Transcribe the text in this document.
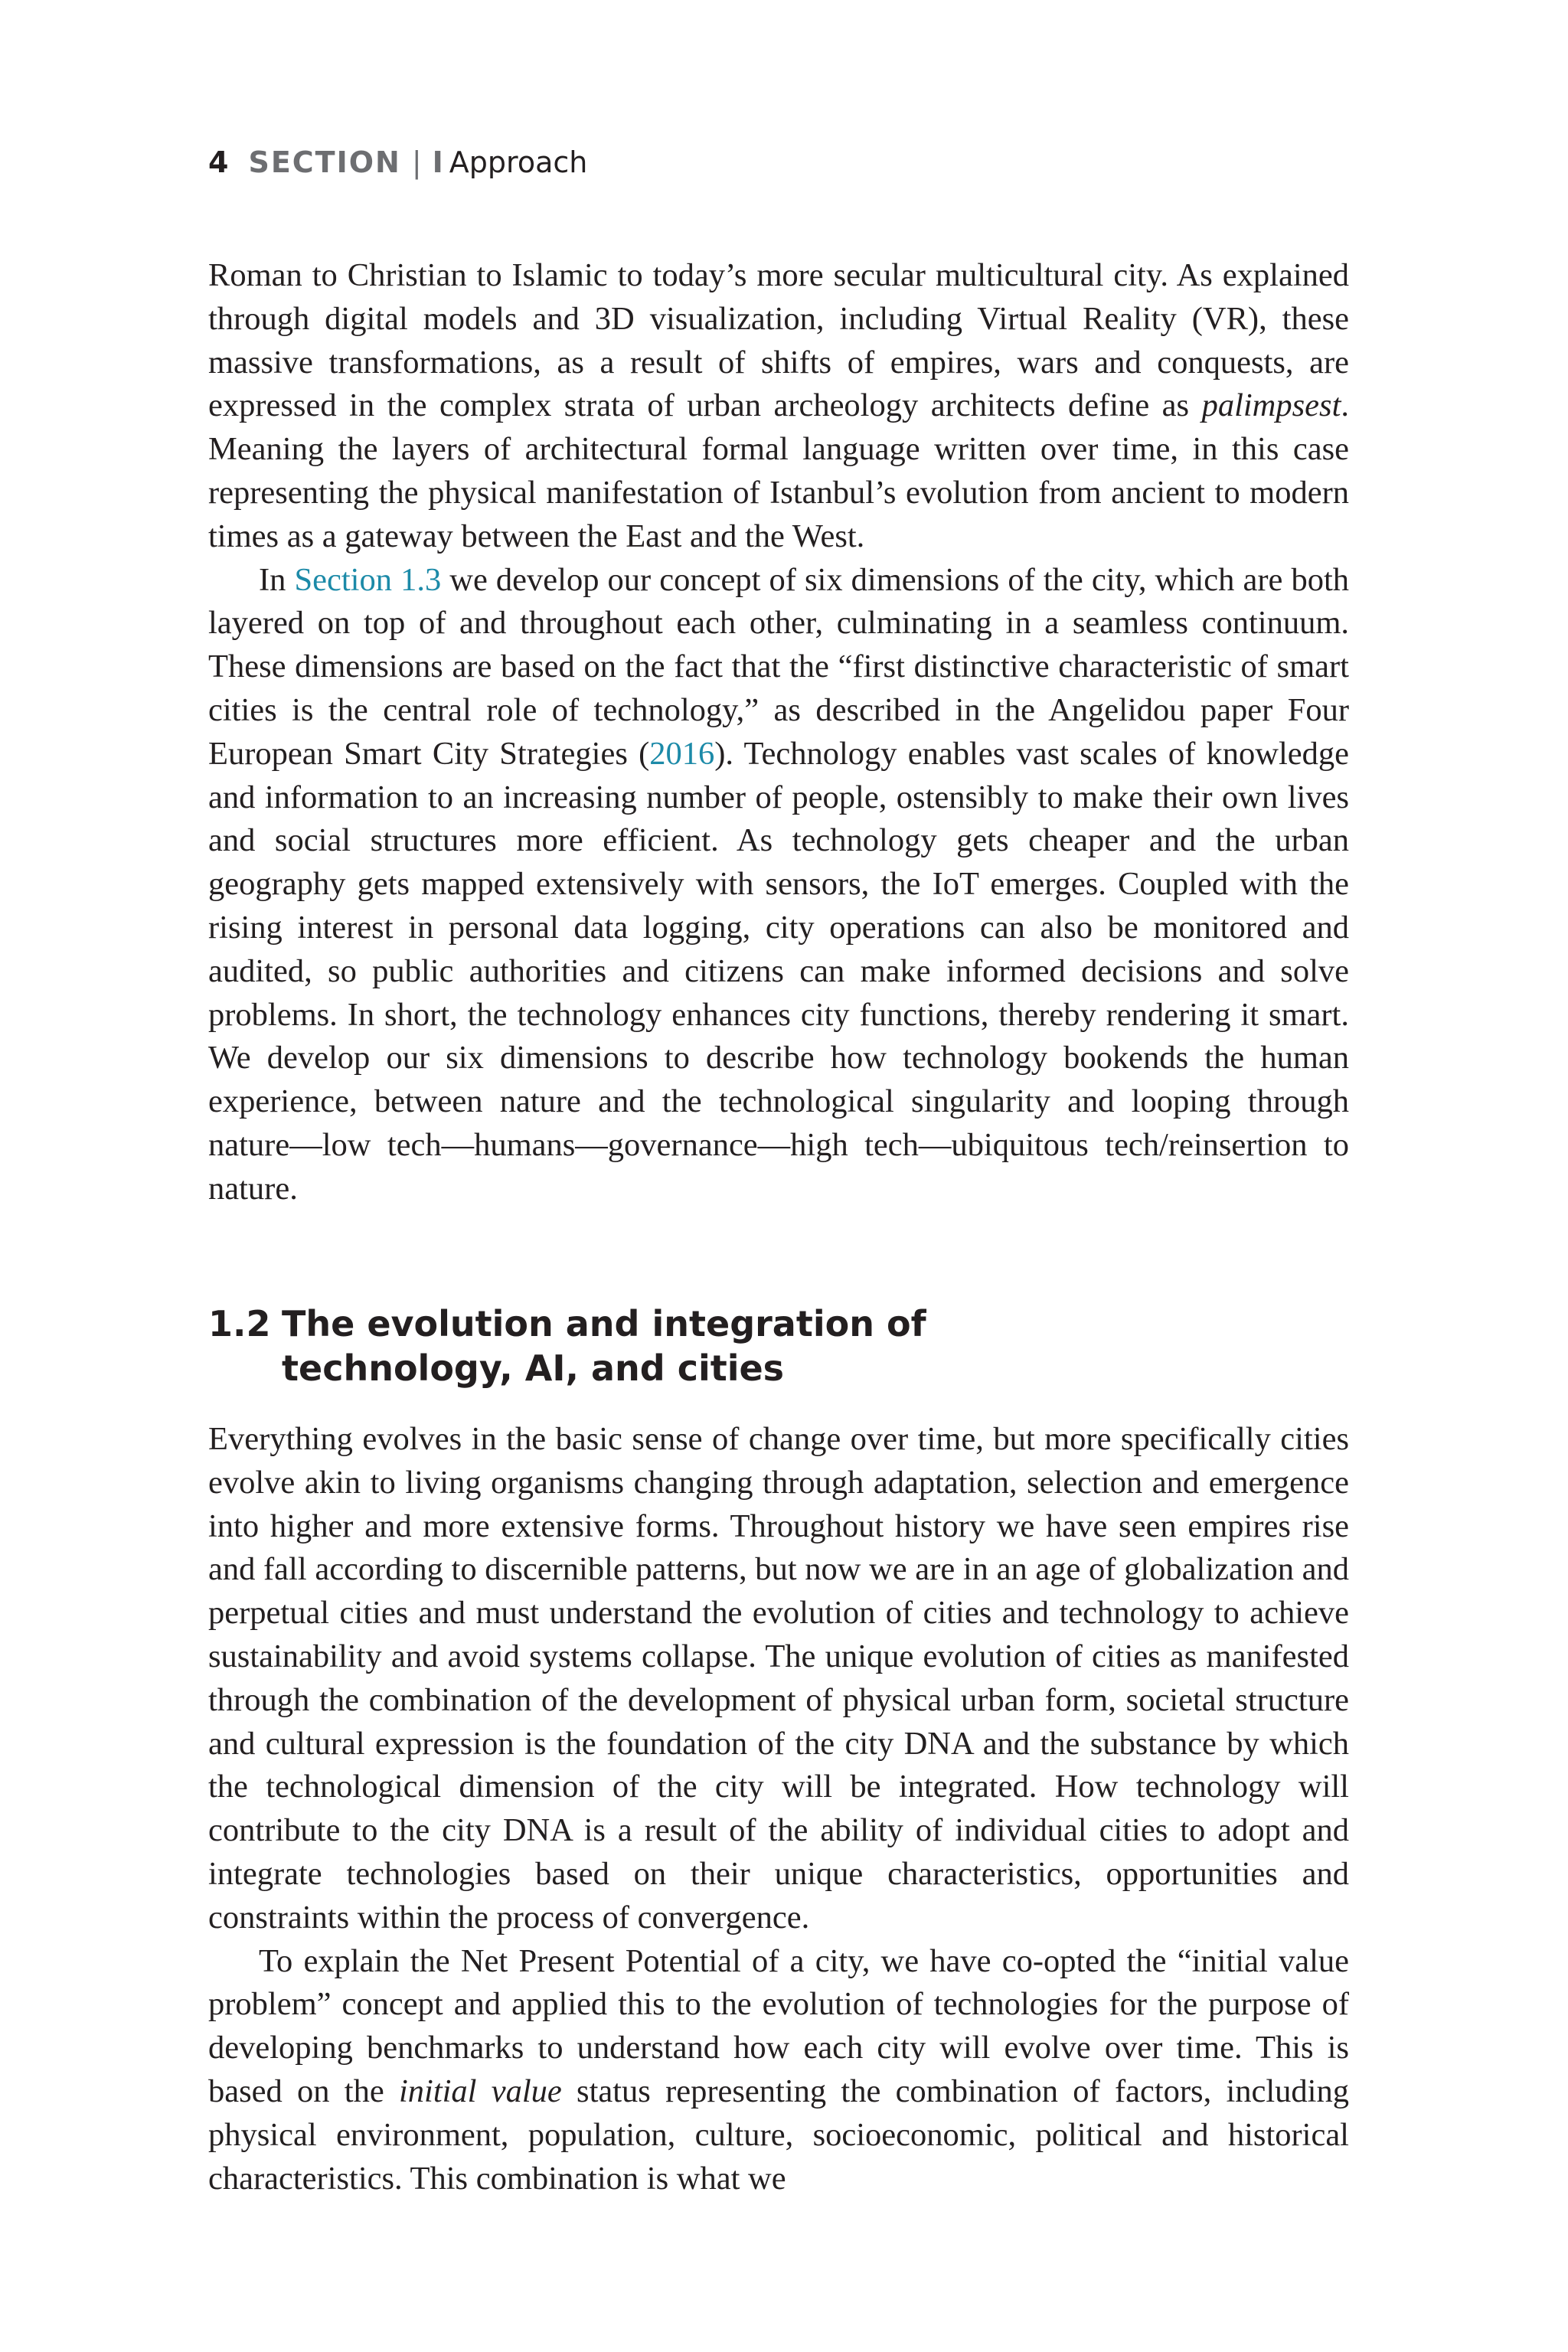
4 SECTION | I Approach

Roman to Christian to Islamic to today’s more secular multicultural city. As explained through digital models and 3D visualization, including Virtual Reality (VR), these massive transformations, as a result of shifts of empires, wars and conquests, are expressed in the complex strata of urban archeology architects define as palimpsest. Meaning the layers of architectural formal language written over time, in this case representing the physical manifestation of Istanbul’s evolution from ancient to modern times as a gateway between the East and the West.

In Section 1.3 we develop our concept of six dimensions of the city, which are both layered on top of and throughout each other, culminating in a seamless continuum. These dimensions are based on the fact that the “first distinctive characteristic of smart cities is the central role of technology,” as described in the Angelidou paper Four European Smart City Strategies (2016). Technology enables vast scales of knowledge and information to an increasing number of people, ostensibly to make their own lives and social structures more efficient. As technology gets cheaper and the urban geography gets mapped extensively with sensors, the IoT emerges. Coupled with the rising interest in personal data logging, city operations can also be monitored and audited, so public authorities and citizens can make informed decisions and solve problems. In short, the technology enhances city functions, thereby rendering it smart. We develop our six dimensions to describe how technology bookends the human experience, between nature and the technological singularity and looping through nature—low tech—humans—governance—high tech—ubiquitous tech/reinsertion to nature.

1.2 The evolution and integration of technology, AI, and cities

Everything evolves in the basic sense of change over time, but more specifically cities evolve akin to living organisms changing through adaptation, selection and emergence into higher and more extensive forms. Throughout history we have seen empires rise and fall according to discernible patterns, but now we are in an age of globalization and perpetual cities and must understand the evolution of cities and technology to achieve sustainability and avoid systems collapse. The unique evolution of cities as manifested through the combination of the development of physical urban form, societal structure and cultural expression is the foundation of the city DNA and the substance by which the technological dimension of the city will be integrated. How technology will contribute to the city DNA is a result of the ability of individual cities to adopt and integrate technologies based on their unique characteristics, opportunities and constraints within the process of convergence.

To explain the Net Present Potential of a city, we have co-opted the “initial value problem” concept and applied this to the evolution of technologies for the purpose of developing benchmarks to understand how each city will evolve over time. This is based on the initial value status representing the combination of factors, including physical environment, population, culture, socioeconomic, political and historical characteristics. This combination is what we
